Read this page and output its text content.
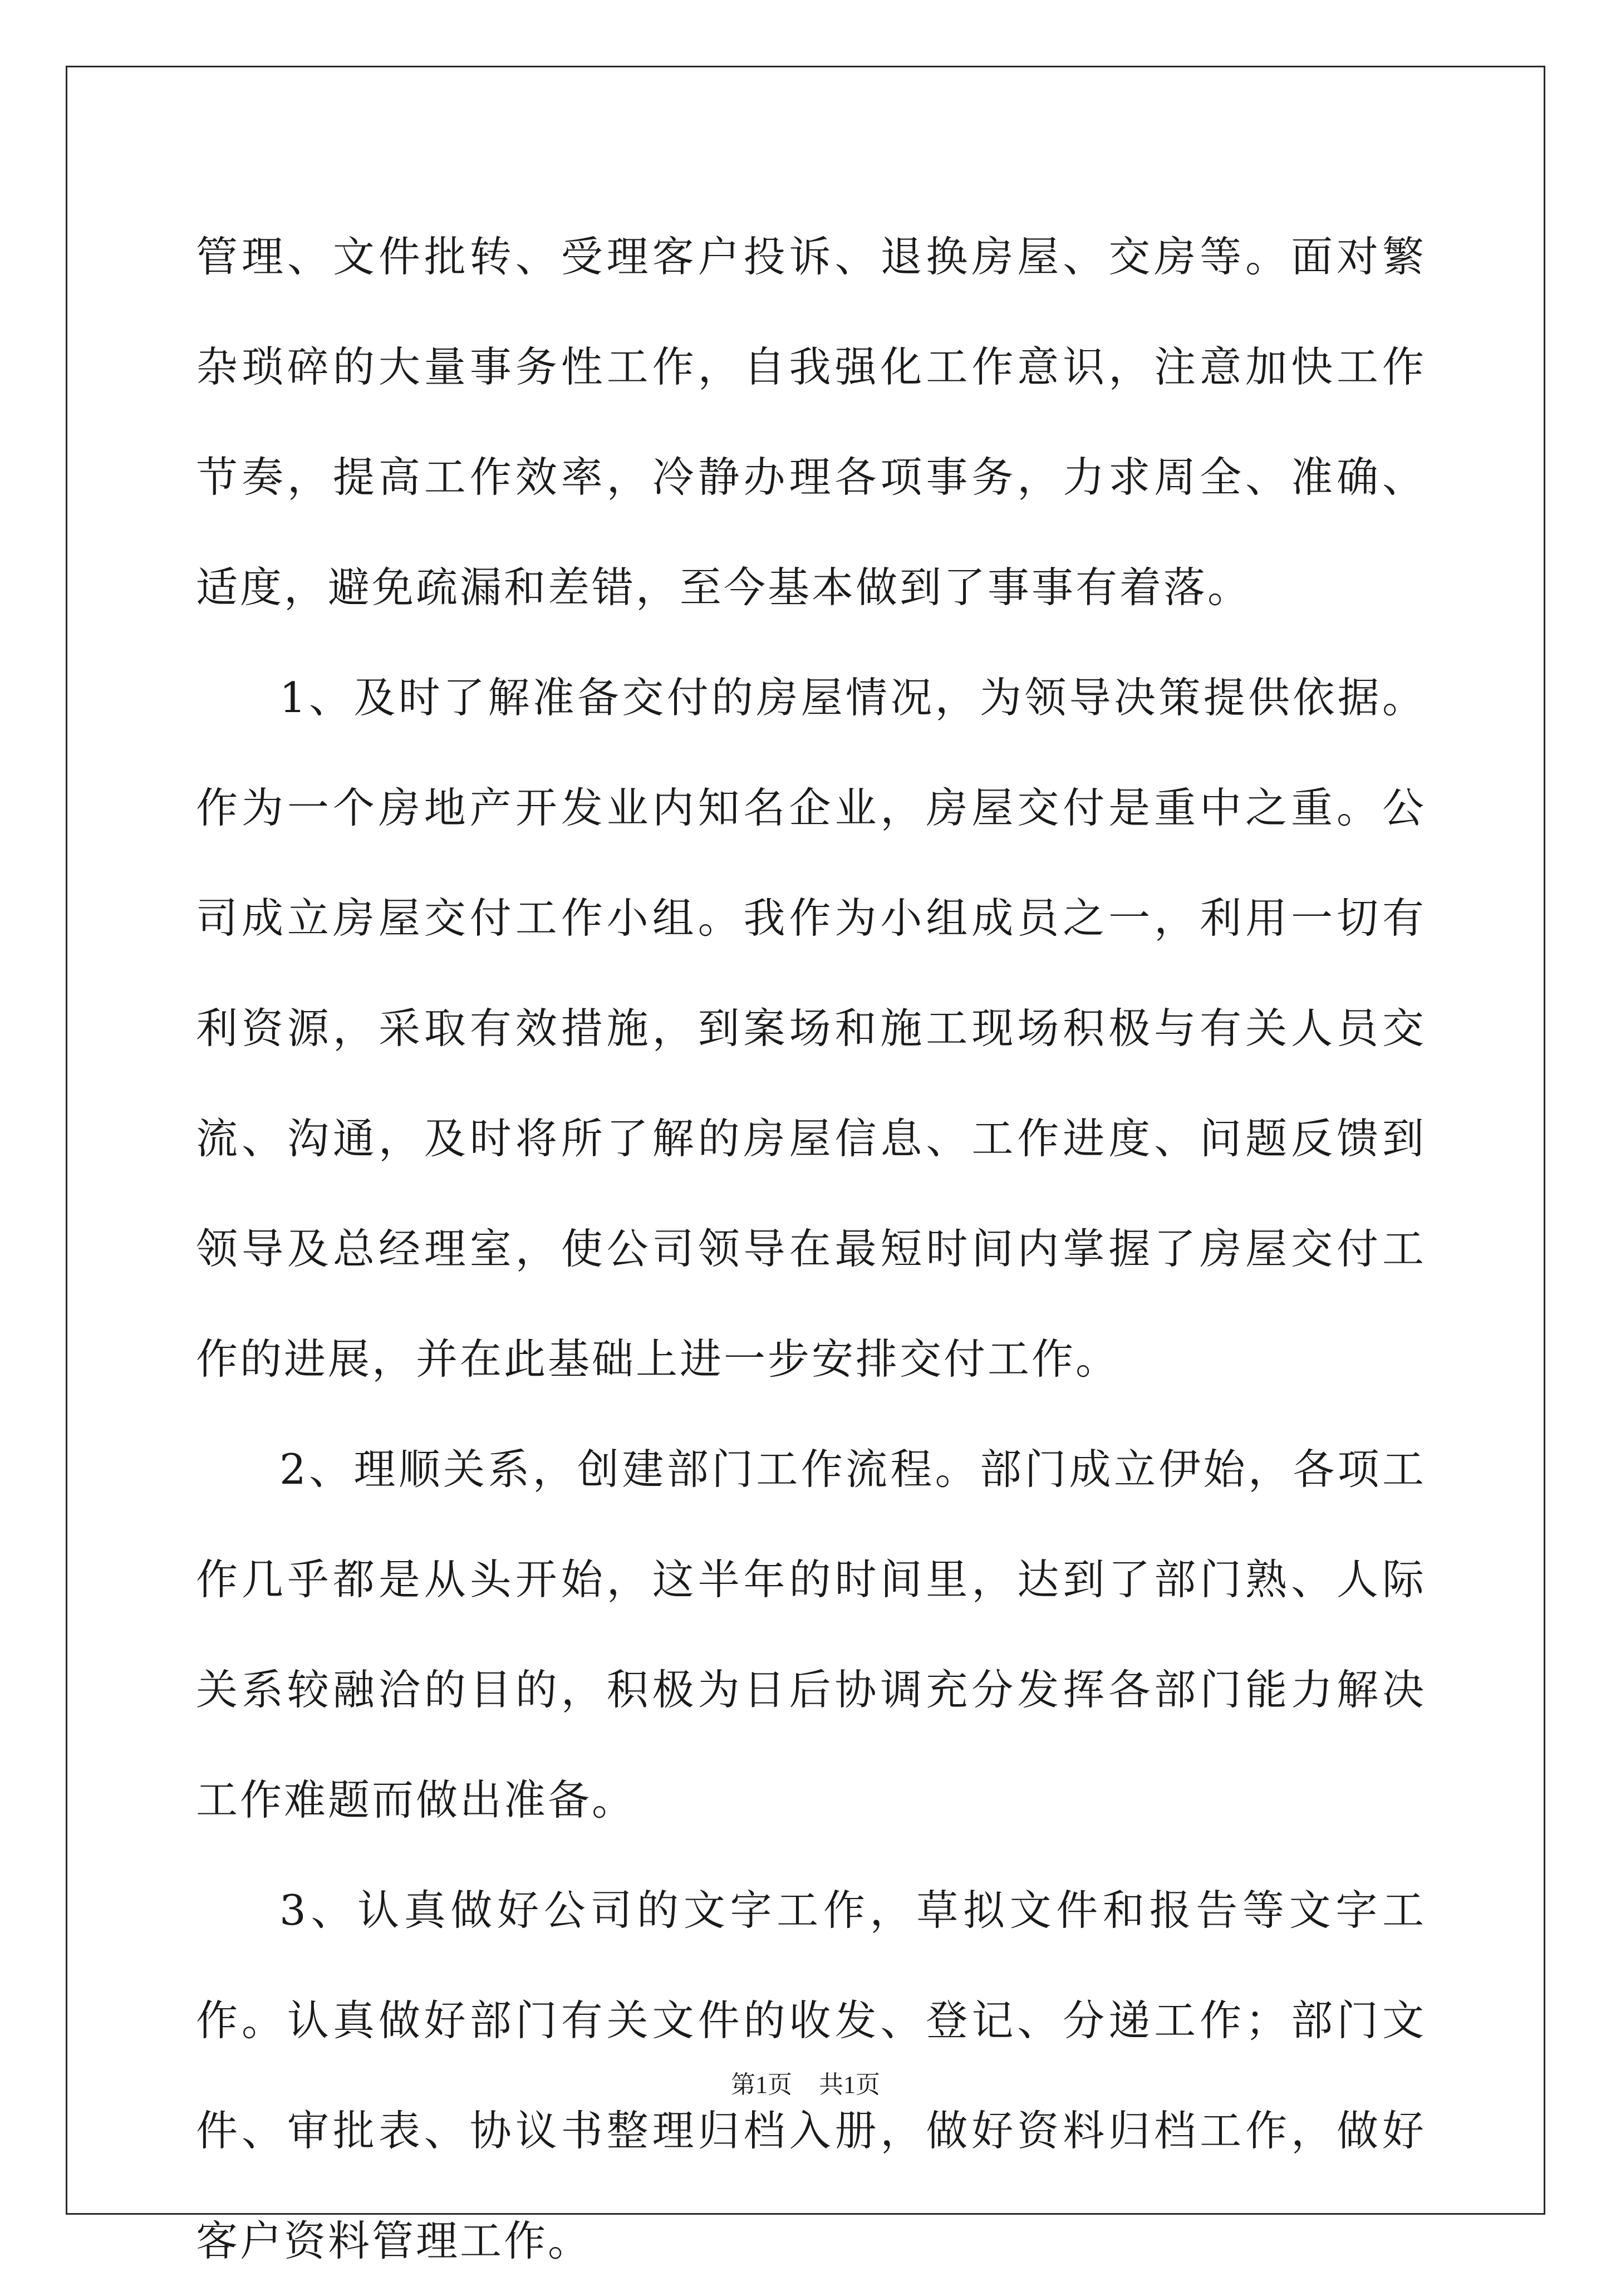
管理、文件批转、受理客户投诉、退换房屋、交房等。面对繁杂琐碎的大量事务性工作，自我强化工作意识，注意加快工作节奏，提高工作效率，冷静办理各项事务，力求周全、准确、适度，避免疏漏和差错，至今基本做到了事事有着落。

1、及时了解准备交付的房屋情况，为领导决策提供依据。作为一个房地产开发业内知名企业，房屋交付是重中之重。公司成立房屋交付工作小组。我作为小组成员之一，利用一切有利资源，采取有效措施，到案场和施工现场积极与有关人员交流、沟通，及时将所了解的房屋信息、工作进度、问题反馈到领导及总经理室，使公司领导在最短时间内掌握了房屋交付工作的进展，并在此基础上进一步安排交付工作。

2、理顺关系，创建部门工作流程。部门成立伊始，各项工作几乎都是从头开始，这半年的时间里，达到了部门熟、人际关系较融洽的目的，积极为日后协调充分发挥各部门能力解决工作难题而做出准备。

3、认真做好公司的文字工作，草拟文件和报告等文字工作。认真做好部门有关文件的收发、登记、分递工作；部门文件、审批表、协议书整理归档入册，做好资料归档工作，做好客户资料管理工作。

第1页 共1页
